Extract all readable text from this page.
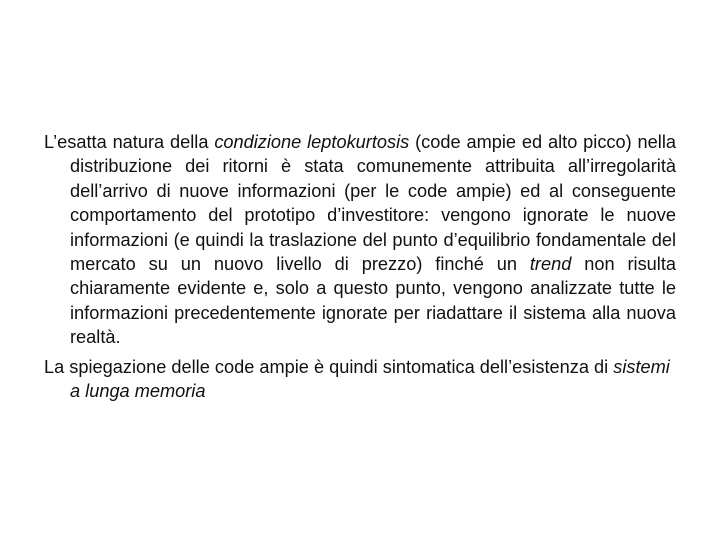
L’esatta natura della condizione leptokurtosis (code ampie ed alto picco) nella distribuzione dei ritorni è stata comunemente attribuita all’irregolarità dell’arrivo di nuove informazioni (per le code ampie) ed al conseguente comportamento del prototipo d’investitore: vengono ignorate le nuove informazioni (e quindi la traslazione del punto d’equilibrio fondamentale del mercato su un nuovo livello di prezzo) finché un trend non risulta chiaramente evidente e, solo a questo punto, vengono analizzate tutte le informazioni precedentemente ignorate per riadattare il sistema alla nuova realtà.

La spiegazione delle code ampie è quindi sintomatica dell’esistenza di sistemi a lunga memoria
